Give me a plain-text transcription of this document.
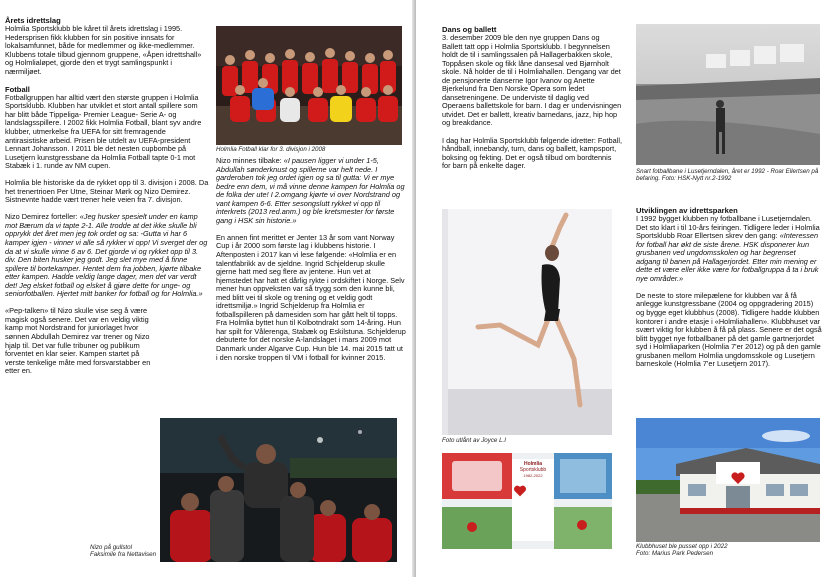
Årets idrettslag

Holmlia Sportsklubb ble kåret til årets idrettslag i 1995. Hedersprisen fikk klubben for sin positive innsats for lokalsamfunnet, både for medlemmer og ikke-medlemmer. Klubbens totale tilbud gjennom gruppene, «Åpen idrettshall» og Holmlialøpet, gjorde den et trygt samlingspunkt i nærmiljøet.

Fotball

Fotballgruppen har alltid vært den største gruppen i Holmlia Sportsklubb. Klubben har utviklet et stort antall spillere som har blitt både Tippeliga- Premier League- Serie A- og landslagsspillere. I 2002 fikk Holmlia Fotball, blant syv andre klubber, utmerkelse fra UEFA for sitt fremragende antirasistiske arbeid. Prisen ble utdelt av UEFA-president Lennart Johansson. I 2011 ble det nesten cupbombe på Lusetjern kunstgressbane da Holmlia Fotball tapte 0-1 mot Stabæk i 1. runde av NM cupen.

Holmlia ble historiske da de rykket opp til 3. divisjon i 2008. Da het trenertrioen Per Utne, Steinar Mørk og Nizo Demirez. Sistnevnte hadde vært trener hele veien fra 7. divisjon.

Nizo Demirez forteller: «Jeg husker spesielt under en kamp mot Bærum da vi tapte 2-1. Alle trodde at det ikke skulle bli opprykk det året men jeg tok ordet og sa: -Gutta vi har 6 kamper igjen - vinner vi alle så rykker vi opp! Vi sverget der og da at vi skulle vinne 6 av 6. Det gjorde vi og rykket opp til 3. div. Den biten husker jeg godt. Jeg slet mye med å finne spillere til bortekamper. Hentet dem fra jobben, kjørte tilbake etter kampen. Hadde veldig lange dager, men det var verdt det! Jeg elsket fotball og elsket å gjøre dette for unge- og seniorfotballen. Hjertet mitt banker for fotball og for Holmlia.»

«Pep-talken» til Nizo skulle vise seg å være magisk også senere. Det var en veldig viktig kamp mot Nordstrand for juniorlaget hvor sønnen Abdullah Demirez var trener og Nizo hjalp til. Det var fulle tribuner og publikum forventet en klar seier. Kampen startet på verste tenkelige måte med forsvarstabber en etter en.

Holmlia Fotball klar for 3. divisjon i 2008

Nizo minnes tilbake: «I pausen ligger vi under 1-5, Abdullah sønderknust og spillerne var helt nede. I garderoben tok jeg ordet igjen og sa til gutta: Vi er mye bedre enn dem, vi må vinne denne kampen for Holmlia og de folka der ute! I 2.omgang kjørte vi over Nordstrand og vant kampen 6-6. Etter sesongslutt rykket vi opp til interkrets (2013 red.anm.) og ble kretsmester for første gang i HSK sin historie.»

En annen fint merittet er Jenter 13 år som vant Norway Cup i år 2000 som første lag i klubbens historie. I Aftenposten i 2017 kan vi lese følgende: «Holmlia er en talentfabrikk av de sjeldne. Ingrid Schjelderup skulle gjerne hatt med seg flere av jentene. Hun vet at hjemstedet har hatt et dårlig rykte i ordskiftet i Norge. Selv mener hun oppveksten var så trygg som den kunne bli, med blitt vei til skole og trening og et veldig godt idrettsmiljø.» Ingrid Schjelderup fra Holmlia er fotballspilleren på damesiden som har gått helt til topps. Fra Holmlia byttet hun til Kolbotndrakt som 14-åring. Hun har spilt for Vålerenga, Stabæk og Eskilstuna. Schjelderup debuterte for det norske A-landslaget i mars 2009 mot Danmark under Algarve Cup. Hun ble 14. mai 2015 tatt ut i den norske troppen til VM i fotball for kvinner 2015.

Nizo på gullstol
Faksimile fra Nettavisen
Dans og ballett

3. desember 2009 ble den nye gruppen Dans og Ballett tatt opp i Holmlia Sportsklubb. I begynnelsen holdt de til i samlingssalen på Hallagerbakken skole, Toppåsen skole og fikk låne dansesal ved Bjørnholt skole. Nå holder de til i Holmliahallen. Dengang var det de pensjonerte danserne Igor Ivanov og Anette Bjerkelund fra Den Norske Opera som ledet dansetreningene. De underviste til daglig ved Operaens ballettskole for barn. I dag er undervisningen utvidet. Det er ballett, kreativ barnedans, jazz, hip hop og breakdance.

I dag har Holmlia Sportsklubb følgende idretter: Fotball, håndball, innebandy, turn, dans og ballett, kampsport, boksing og fekting. Det er også tilbud om bordtennis for barn på enkelte dager.

Foto utlånt av Joyce L.I
Holmlia
Sportsklubb
1982-2022
Snart fotballbane i Lusetjerndalen, året er 1992 - Roar Ellertsen på befaring. Foto: HSK-Nytt nr.2-1992
Utviklingen av idrettsparken

I 1992 bygget klubben ny fotballbane i Lusetjerndalen. Det sto klart i til 10-års feiringen. Tidligere leder i Holmlia Sportsklubb Roar Ellertsen skrev den gang: «Interessen for fotball har økt de siste årene. HSK disponerer kun grusbanen ved ungdomsskolen og har begrenset adgang til banen på Hallagerjordet. Etter min mening er dette et være eller ikke være for fotballgruppa å ta i bruk nye områder.»

De neste to store milepælene for klubben var å få anlegge kunstgressbane (2004 og oppgradering 2015) og bygge eget klubbhus (2008). Tidligere hadde klubben kontorer i andre etasje i «Holmliahallen». Klubbhuset var svært viktig for klubben å få på plass. Senere er det også blitt bygget nye fotballbaner på det gamle gartnerjordet syd i Holmliaparken (Holmlia 7'er 2012) og på den gamle grusbanen mellom Holmlia ungdomsskole og Lusetjern barneskole (Holmlia 7'er Lusetjern 2017).

Klubbhuset ble pusset opp i 2022
Foto: Marius Park Pedersen
